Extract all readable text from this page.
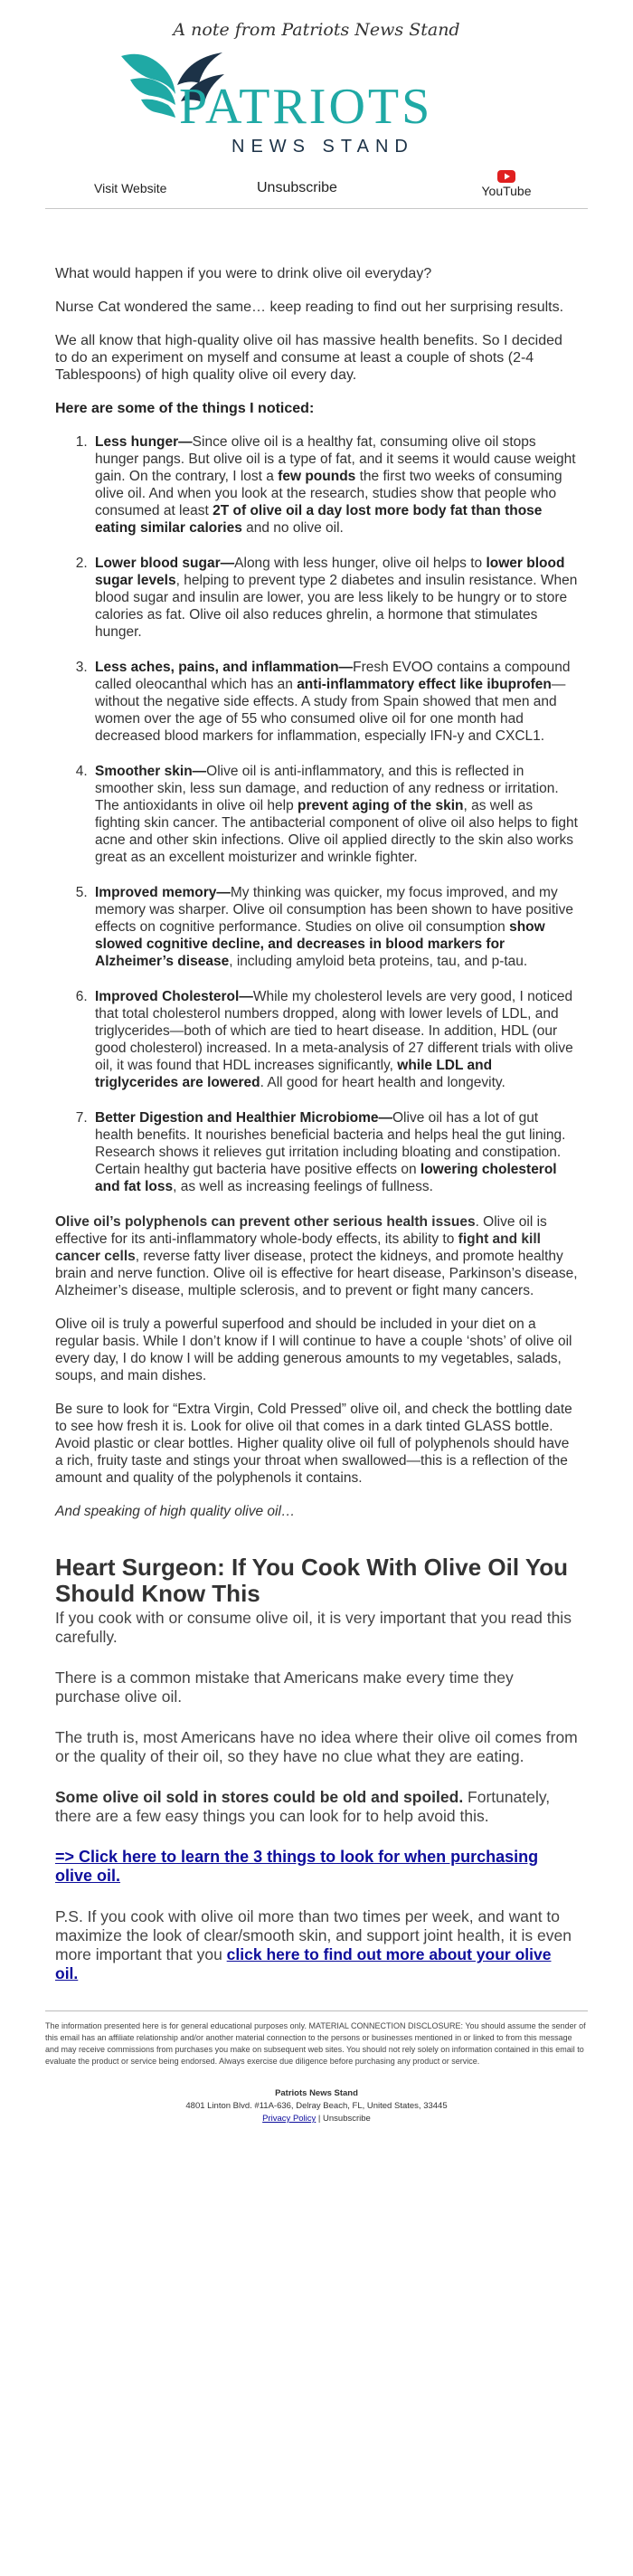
A note from Patriots News Stand

PATRIOTS
NEWS STAND
Visit Website	Unsubscribe	YouTube

What would happen if you were to drink olive oil everyday?

Nurse Cat wondered the same… keep reading to find out her surprising results.

We all know that high-quality olive oil has massive health benefits. So I decided to do an experiment on myself and consume at least a couple of shots (2-4 Tablespoons) of high quality olive oil every day.

Here are some of the things I noticed:

1. Less hunger—Since olive oil is a healthy fat, consuming olive oil stops hunger pangs. But olive oil is a type of fat, and it seems it would cause weight gain. On the contrary, I lost a few pounds the first two weeks of consuming olive oil. And when you look at the research, studies show that people who consumed at least 2T of olive oil a day lost more body fat than those eating similar calories and no olive oil.
2. Lower blood sugar—Along with less hunger, olive oil helps to lower blood sugar levels, helping to prevent type 2 diabetes and insulin resistance. When blood sugar and insulin are lower, you are less likely to be hungry or to store calories as fat. Olive oil also reduces ghrelin, a hormone that stimulates hunger.
3. Less aches, pains, and inflammation—Fresh EVOO contains a compound called oleocanthal which has an anti-inflammatory effect like ibuprofen—without the negative side effects. A study from Spain showed that men and women over the age of 55 who consumed olive oil for one month had decreased blood markers for inflammation, especially IFN-y and CXCL1.
4. Smoother skin—Olive oil is anti-inflammatory, and this is reflected in smoother skin, less sun damage, and reduction of any redness or irritation. The antioxidants in olive oil help prevent aging of the skin, as well as fighting skin cancer. The antibacterial component of olive oil also helps to fight acne and other skin infections. Olive oil applied directly to the skin also works great as an excellent moisturizer and wrinkle fighter.
5. Improved memory—My thinking was quicker, my focus improved, and my memory was sharper. Olive oil consumption has been shown to have positive effects on cognitive performance. Studies on olive oil consumption show slowed cognitive decline, and decreases in blood markers for Alzheimer’s disease, including amyloid beta proteins, tau, and p-tau.
6. Improved Cholesterol—While my cholesterol levels are very good, I noticed that total cholesterol numbers dropped, along with lower levels of LDL, and triglycerides—both of which are tied to heart disease. In addition, HDL (our good cholesterol) increased. In a meta-analysis of 27 different trials with olive oil, it was found that HDL increases significantly, while LDL and triglycerides are lowered. All good for heart health and longevity.
7. Better Digestion and Healthier Microbiome—Olive oil has a lot of gut health benefits. It nourishes beneficial bacteria and helps heal the gut lining. Research shows it relieves gut irritation including bloating and constipation. Certain healthy gut bacteria have positive effects on lowering cholesterol and fat loss, as well as increasing feelings of fullness.

Olive oil’s polyphenols can prevent other serious health issues. Olive oil is effective for its anti-inflammatory whole-body effects, its ability to fight and kill cancer cells, reverse fatty liver disease, protect the kidneys, and promote healthy brain and nerve function. Olive oil is effective for heart disease, Parkinson’s disease, Alzheimer’s disease, multiple sclerosis, and to prevent or fight many cancers.

Olive oil is truly a powerful superfood and should be included in your diet on a regular basis. While I don’t know if I will continue to have a couple ‘shots’ of olive oil every day, I do know I will be adding generous amounts to my vegetables, salads, soups, and main dishes.

Be sure to look for “Extra Virgin, Cold Pressed” olive oil, and check the bottling date to see how fresh it is. Look for olive oil that comes in a dark tinted GLASS bottle. Avoid plastic or clear bottles. Higher quality olive oil full of polyphenols should have a rich, fruity taste and stings your throat when swallowed—this is a reflection of the amount and quality of the polyphenols it contains.

And speaking of high quality olive oil…

Heart Surgeon: If You Cook With Olive Oil You Should Know This

If you cook with or consume olive oil, it is very important that you read this carefully.

There is a common mistake that Americans make every time they purchase olive oil.

The truth is, most Americans have no idea where their olive oil comes from or the quality of their oil, so they have no clue what they are eating.

Some olive oil sold in stores could be old and spoiled. Fortunately, there are a few easy things you can look for to help avoid this.

=> Click here to learn the 3 things to look for when purchasing olive oil.

P.S. If you cook with olive oil more than two times per week, and want to maximize the look of clear/smooth skin, and support joint health, it is even more important that you click here to find out more about your olive oil.

The information presented here is for general educational purposes only. MATERIAL CONNECTION DISCLOSURE: You should assume the sender of this email has an affiliate relationship and/or another material connection to the persons or businesses mentioned in or linked to from this message and may receive commissions from purchases you make on subsequent web sites. You should not rely solely on information contained in this email to evaluate the product or service being endorsed. Always exercise due diligence before purchasing any product or service.
Patriots News Stand
4801 Linton Blvd. #11A-636, Delray Beach, FL, United States, 33445
Privacy Policy | Unsubscribe
